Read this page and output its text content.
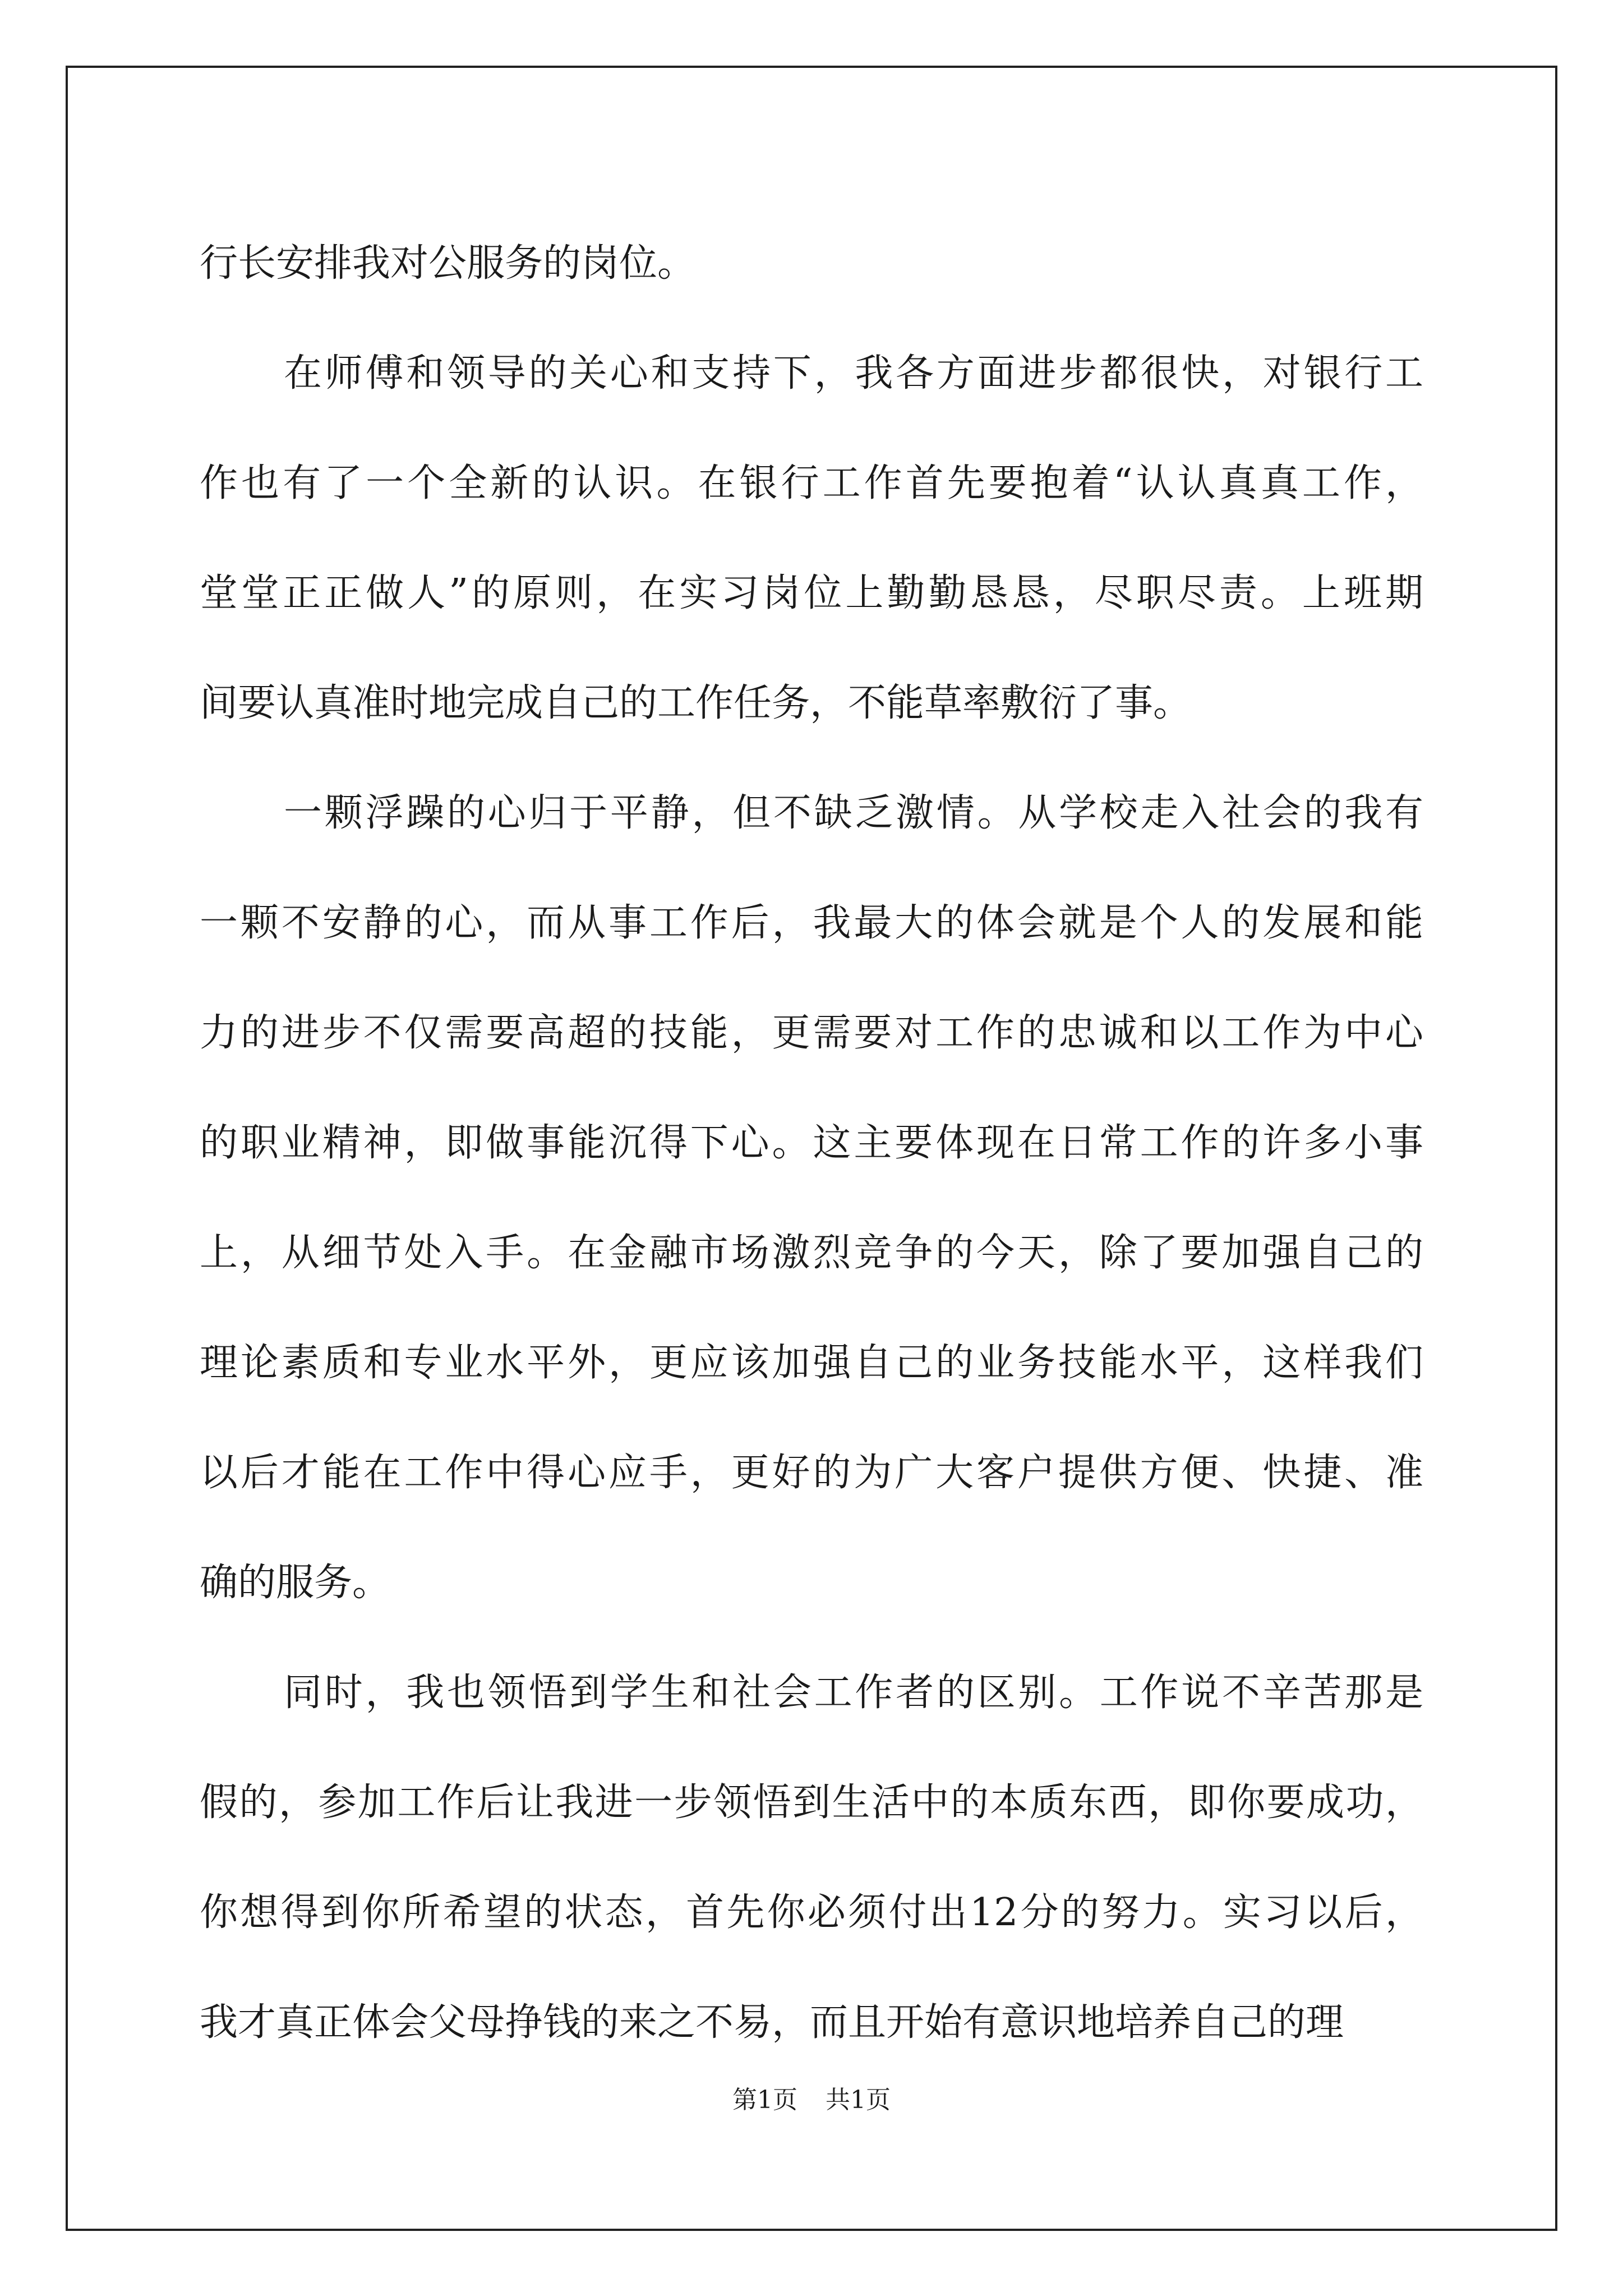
行长安排我对公服务的岗位。
在师傅和领导的关心和支持下，我各方面进步都很快，对银行工
作也有了一个全新的认识。在银行工作首先要抱着“认认真真工作，
堂堂正正做人”的原则，在实习岗位上勤勤恳恳，尽职尽责。上班期
间要认真准时地完成自己的工作任务，不能草率敷衍了事。
一颗浮躁的心归于平静，但不缺乏激情。从学校走入社会的我有
一颗不安静的心，而从事工作后，我最大的体会就是个人的发展和能
力的进步不仅需要高超的技能，更需要对工作的忠诚和以工作为中心
的职业精神，即做事能沉得下心。这主要体现在日常工作的许多小事
上，从细节处入手。在金融市场激烈竞争的今天，除了要加强自己的
理论素质和专业水平外，更应该加强自己的业务技能水平，这样我们
以后才能在工作中得心应手，更好的为广大客户提供方便、快捷、准
确的服务。
同时，我也领悟到学生和社会工作者的区别。工作说不辛苦那是
假的，参加工作后让我进一步领悟到生活中的本质东西，即你要成功，
你想得到你所希望的状态，首先你必须付出12分的努力。实习以后，
我才真正体会父母挣钱的来之不易，而且开始有意识地培养自己的理
第1页 共1页
